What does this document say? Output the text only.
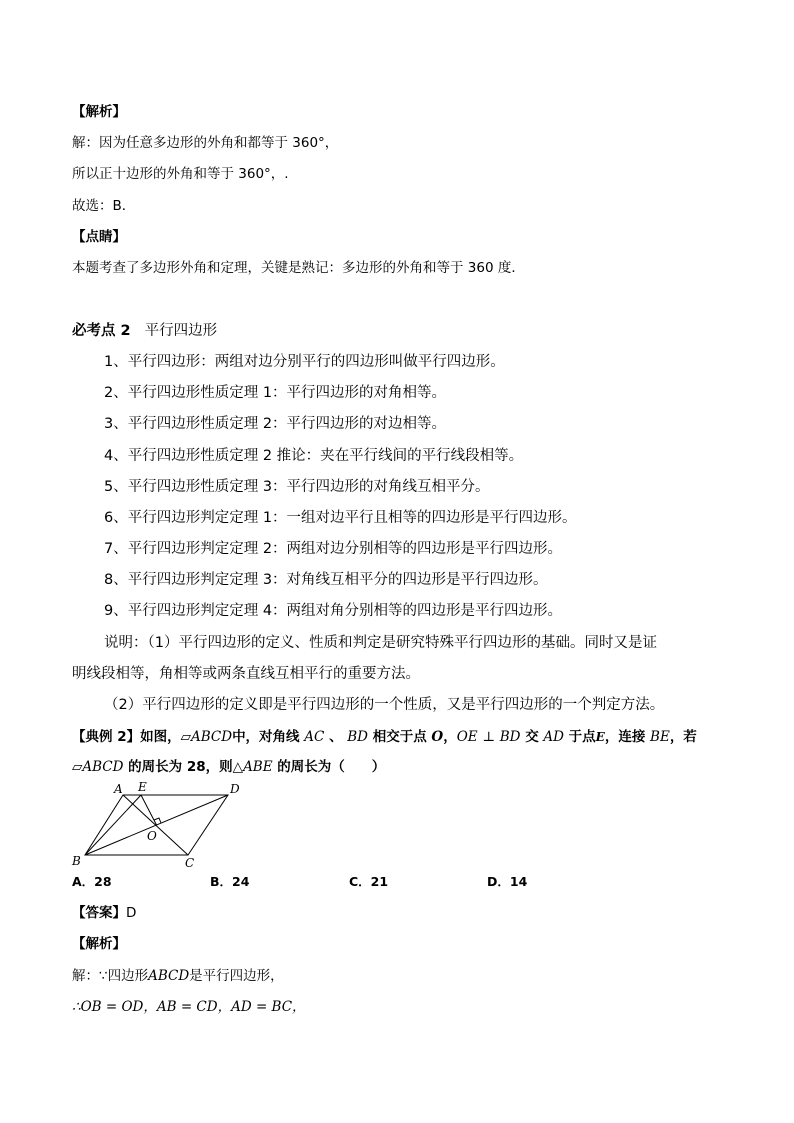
【解析】
解：因为任意多边形的外角和都等于 360°，
所以正十边形的外角和等于 360°，.
故选：B．
【点睛】
本题考查了多边形外角和定理，关键是熟记：多边形的外角和等于 360 度．
必考点 2 平行四边形
1、平行四边形：两组对边分别平行的四边形叫做平行四边形。
2、平行四边形性质定理 1：平行四边形的对角相等。
3、平行四边形性质定理 2：平行四边形的对边相等。
4、平行四边形性质定理 2 推论：夹在平行线间的平行线段相等。
5、平行四边形性质定理 3：平行四边形的对角线互相平分。
6、平行四边形判定定理 1：一组对边平行且相等的四边形是平行四边形。
7、平行四边形判定定理 2：两组对边分别相等的四边形是平行四边形。
8、平行四边形判定定理 3：对角线互相平分的四边形是平行四边形。
9、平行四边形判定定理 4：两组对角分别相等的四边形是平行四边形。
说明：（1）平行四边形的定义、性质和判定是研究特殊平行四边形的基础。同时又是证
明线段相等，角相等或两条直线互相平行的重要方法。
（2）平行四边形的定义即是平行四边形的一个性质，又是平行四边形的一个判定方法。
【典例 2】如图，▱ABCD中，对角线 AC 、 BD 相交于点 O，OE ⊥ BD 交 AD 于点E，连接 BE，若
▱ABCD 的周长为 28，则△ABE 的周长为（　　）
A E	D
O
B	C
A．28	B．24	C．21	D．14
【答案】D
【解析】
解：∵四边形ABCD是平行四边形，
∴OB = OD，AB = CD，AD = BC，
